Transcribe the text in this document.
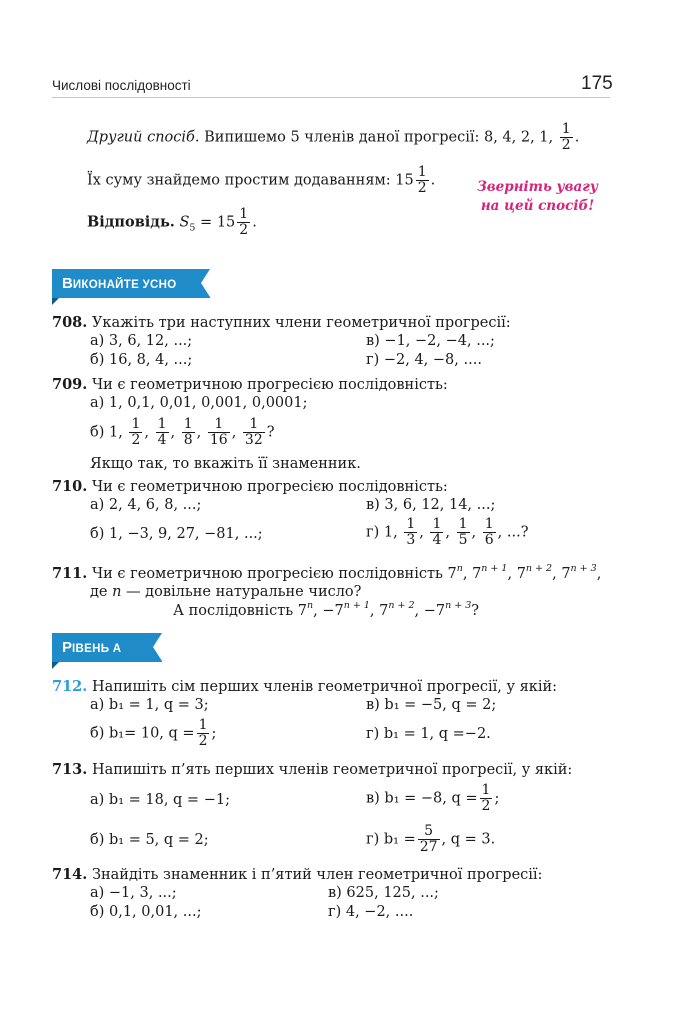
Числові послідовності	175
Другий спосіб. Випишемо 5 членів даної прогресії: 8, 4, 2, 1, $\frac{1}{2}$ .
Їх суму знайдемо простим додаванням: $15 \frac{1}{2}$ .
Відповідь. $S_5 = 15 \frac{1}{2}$ .
Зверніть увагу
на цей спосіб!
ВИКОНАЙТЕ УСНО
708. Укажіть три наступних члени геометричної прогресії:
а) 3, 6, 12, ...;	в) −1, −2, −4, ...;
б) 16, 8, 4, ...;	г) −2, 4, −8, ....
709. Чи є геометричною прогресією послідовність:
а) 1, 0,1, 0,01, 0,001, 0,0001;
б) 1, $\frac{1}{2}$ , $\frac{1}{4}$ , $\frac{1}{8}$ , $\frac{1}{16}$ , $\frac{1}{32}$ ?
Якщо так, то вкажіть її знаменник.
710. Чи є геометричною прогресією послідовність:
а) 2, 4, 6, 8, ...;	в) 3, 6, 12, 14, ...;
б) 1, −3, 9, 27, −81, ...;	г) 1, $\frac{1}{3}$ , $\frac{1}{4}$ , $\frac{1}{5}$ , $\frac{1}{6}$ , ...?
711. Чи є геометричною прогресією послідовність 7$^n$, $7^{n + 1}$, $7^{n + 2}$, $7^{n + 3}$,
де n — довільне натуральне число?
А послідовність $7^n$, $-7^{n + 1}$, $7^{n + 2}$, $-7^{n + 3}$?
РІВЕНЬ А
712. Напишіть сім перших членів геометричної прогресії, у якій:
а) b₁ = 1, q = 3;	в) b₁ = −5, q = 2;
б) b₁= 10, $q = \frac{1}{2}$ ;	г) b₁ = 1, q =−2.
713. Напишіть п’ять перших членів геометричної прогресії, у якій:
а) b₁ = 18, q = −1;	в) b₁ = −8, $q = \frac{1}{2}$ ;
б) b₁ = 5, q = 2;	г) $b_1 = \frac{5}{27}$ , q = 3.
714. Знайдіть знаменник і п’ятий член геометричної прогресії:
а) −1, 3, ...;	в) 625, 125, ...;
б) 0,1, 0,01, ...;	г) 4, −2, ....
